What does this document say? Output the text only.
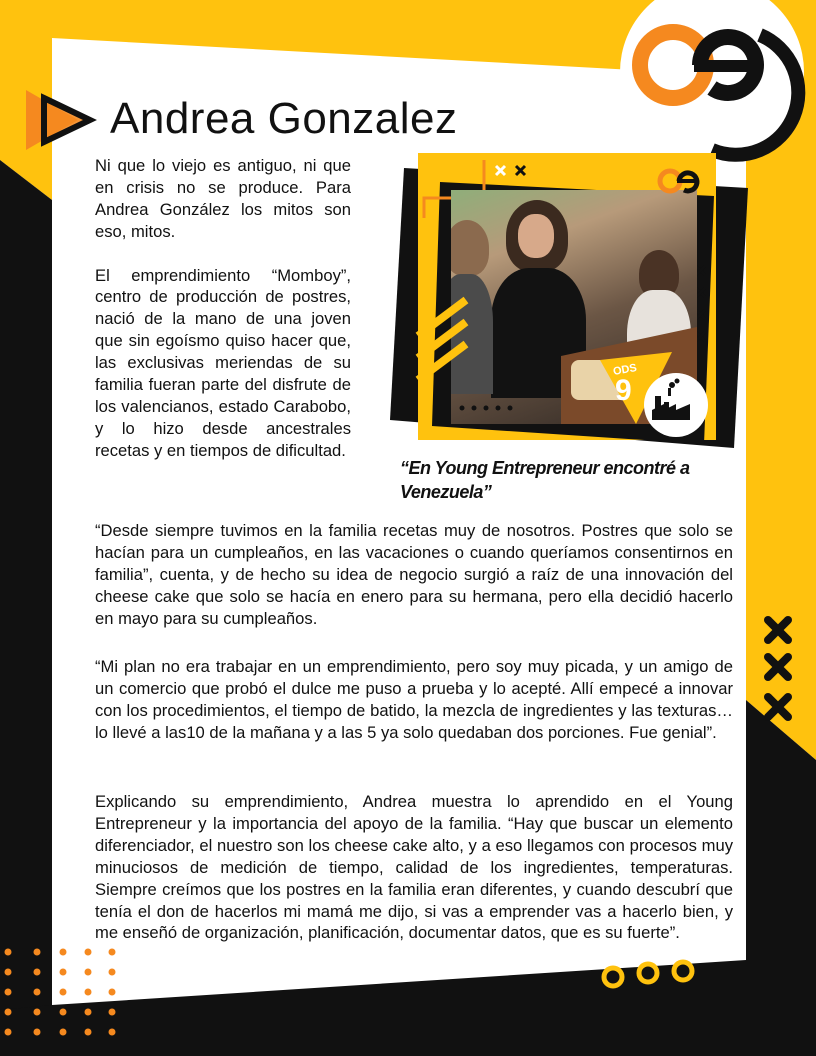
ODS
9
Andrea Gonzalez

Ni que lo viejo es antiguo, ni que en crisis no se produce. Para Andrea González los mitos son eso, mitos.

El emprendimiento “Momboy”, centro de producción de postres, nació de la mano de una joven que sin egoísmo quiso hacer que, las exclusivas meriendas de su familia fueran parte del disfrute de los valencianos, estado Carabobo, y lo hizo desde ancestrales recetas y en tiempos de dificultad.

“En Young Entrepreneur encontré a Venezuela”

“Desde siempre tuvimos en la familia recetas muy de nosotros. Postres que solo se hacían para un cumpleaños, en las vacaciones o cuando queríamos consentirnos en familia”, cuenta, y de hecho su idea de negocio surgió a raíz de una innovación del cheese cake que solo se hacía en enero para su hermana, pero ella decidió hacerlo en mayo para su cumpleaños.

“Mi plan no era trabajar en un emprendimiento, pero soy muy picada, y un amigo de un comercio que probó el dulce me puso a prueba y lo acepté. Allí empecé a innovar con los procedimientos, el tiempo de batido, la mezcla de ingredientes y las texturas…lo llevé a las10 de la mañana y a las 5 ya solo quedaban dos porciones. Fue genial”.

Explicando su emprendimiento, Andrea muestra lo aprendido en el Young Entrepreneur y la importancia del apoyo de la familia. “Hay que buscar un elemento diferenciador, el nuestro son los cheese cake alto, y a eso llegamos con procesos muy minuciosos de medición de tiempo, calidad de los ingredientes, temperaturas. Siempre creímos que los postres en la familia eran diferentes, y cuando descubrí que tenía el don de hacerlos mi mamá me dijo, si vas a emprender vas a hacerlo bien, y me enseñó de organización, planificación, documentar datos, que es su fuerte”.
